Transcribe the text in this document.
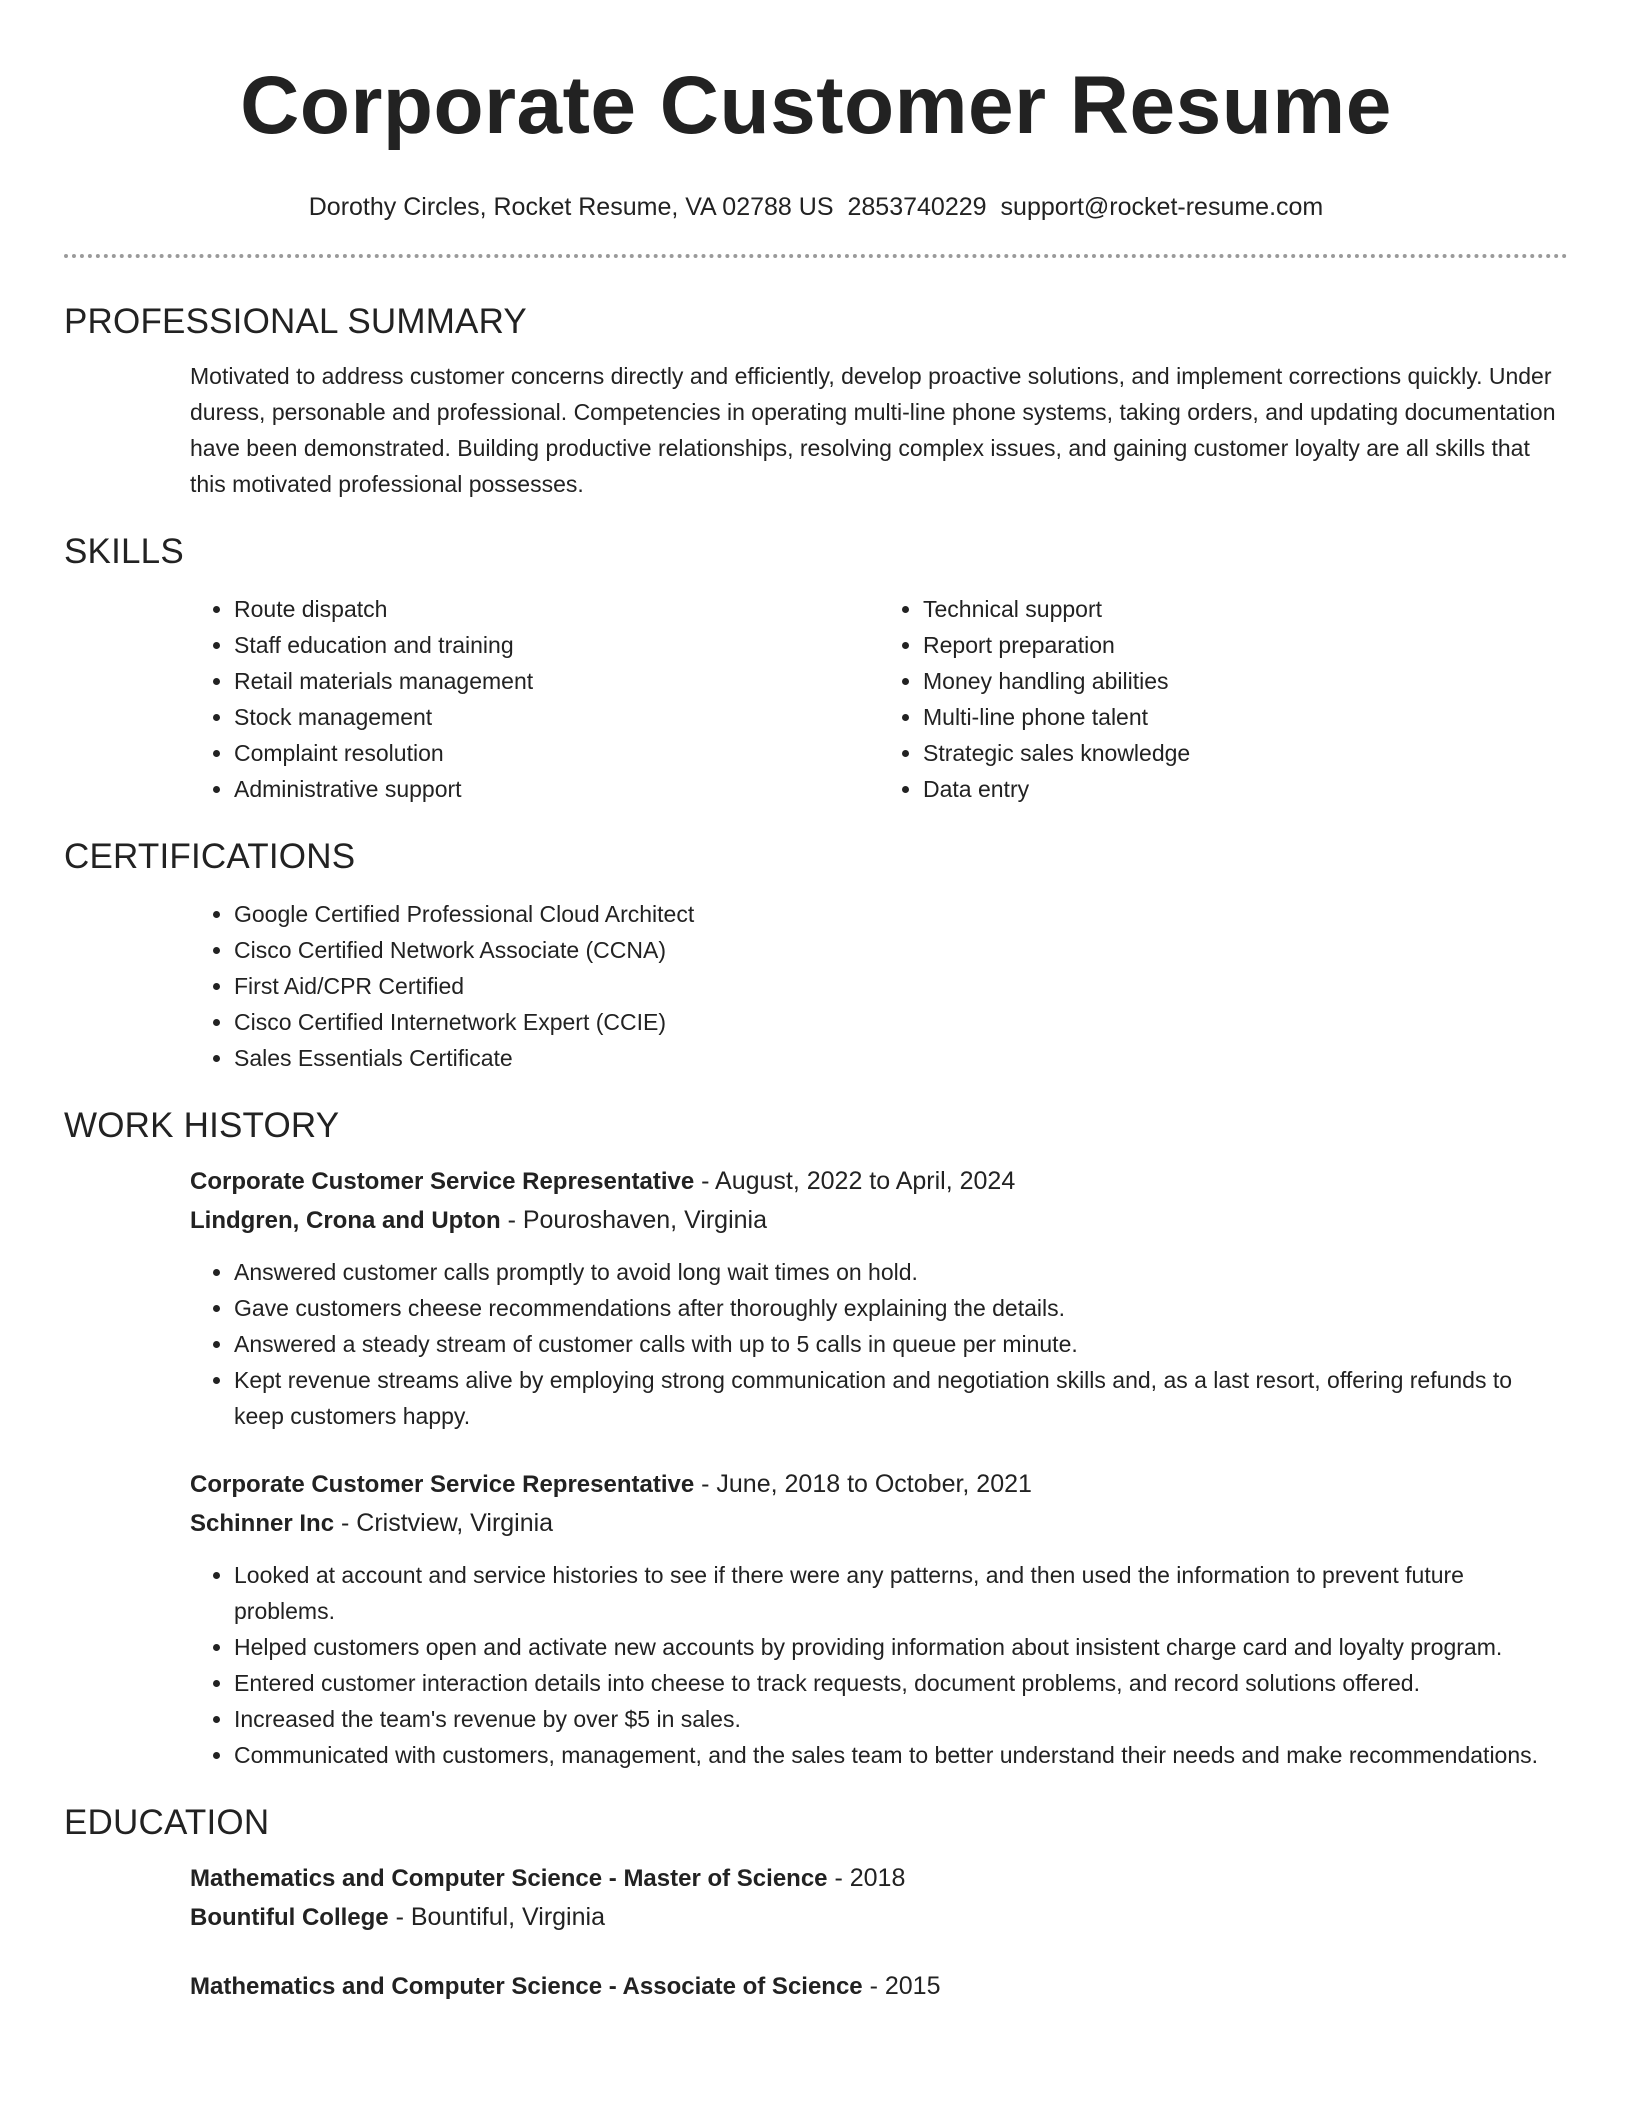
Corporate Customer Resume
Dorothy Circles, Rocket Resume, VA 02788 US 2853740229 support@rocket-resume.com
PROFESSIONAL SUMMARY

Motivated to address customer concerns directly and efficiently, develop proactive solutions, and implement corrections quickly. Under duress, personable and professional. Competencies in operating multi-line phone systems, taking orders, and updating documentation have been demonstrated. Building productive relationships, resolving complex issues, and gaining customer loyalty are all skills that this motivated professional possesses.

SKILLS
• Route dispatch
• Staff education and training
• Retail materials management
• Stock management
• Complaint resolution
• Administrative support
• Technical support
• Report preparation
• Money handling abilities
• Multi-line phone talent
• Strategic sales knowledge
• Data entry
CERTIFICATIONS
• Google Certified Professional Cloud Architect
• Cisco Certified Network Associate (CCNA)
• First Aid/CPR Certified
• Cisco Certified Internetwork Expert (CCIE)
• Sales Essentials Certificate
WORK HISTORY
Corporate Customer Service Representative - August, 2022 to April, 2024
Lindgren, Crona and Upton - Pouroshaven, Virginia
• Answered customer calls promptly to avoid long wait times on hold.
• Gave customers cheese recommendations after thoroughly explaining the details.
• Answered a steady stream of customer calls with up to 5 calls in queue per minute.
• Kept revenue streams alive by employing strong communication and negotiation skills and, as a last resort, offering refunds to keep customers happy.
Corporate Customer Service Representative - June, 2018 to October, 2021
Schinner Inc - Cristview, Virginia
• Looked at account and service histories to see if there were any patterns, and then used the information to prevent future problems.
• Helped customers open and activate new accounts by providing information about insistent charge card and loyalty program.
• Entered customer interaction details into cheese to track requests, document problems, and record solutions offered.
• Increased the team's revenue by over $5 in sales.
• Communicated with customers, management, and the sales team to better understand their needs and make recommendations.
EDUCATION
Mathematics and Computer Science - Master of Science - 2018
Bountiful College - Bountiful, Virginia
Mathematics and Computer Science - Associate of Science - 2015
